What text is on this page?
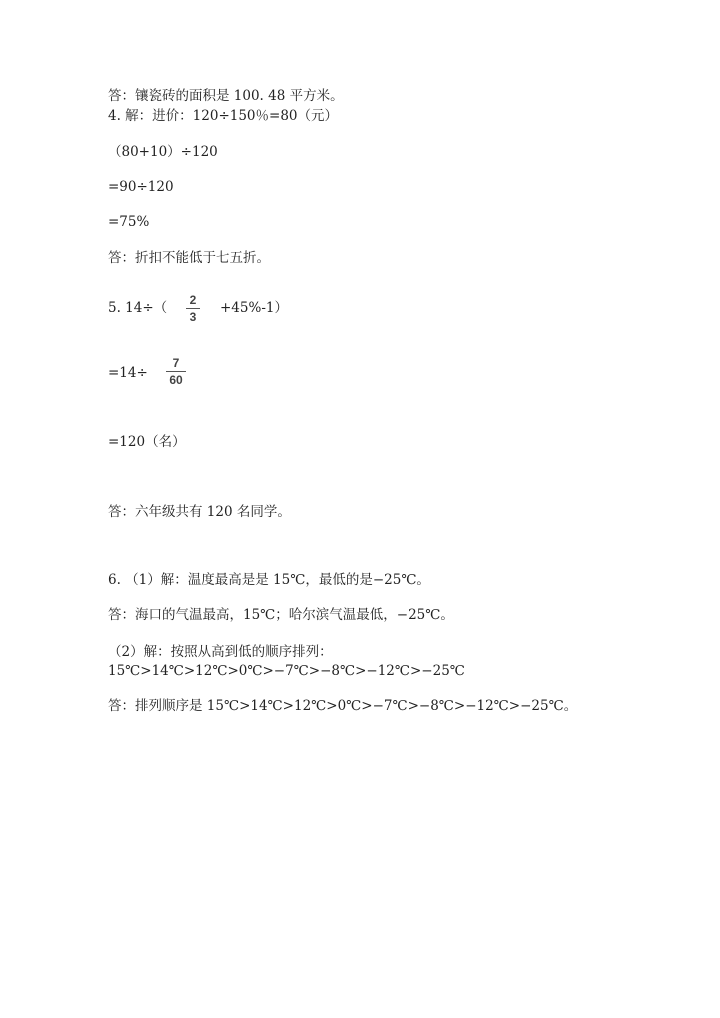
答：镶瓷砖的面积是 100. 48 平方米。
4. 解：进价：120÷150％=80（元）
（80+10）÷120
=90÷120
=75%
答：折扣不能低于七五折。
5. 14÷（	2
3
+45%-1）
=14÷
7
60
=120（名）
答：六年级共有 120 名同学。
6. （1）解：温度最高是是 15℃，最低的是−25℃。
答：海口的气温最高，15℃；哈尔滨气温最低，−25℃。
（2）解：按照从高到低的顺序排列：15℃>14℃>12℃>0℃>−7℃>−8℃>−12℃>−25℃
答：排列顺序是 15℃>14℃>12℃>0℃>−7℃>−8℃>−12℃>−25℃。
